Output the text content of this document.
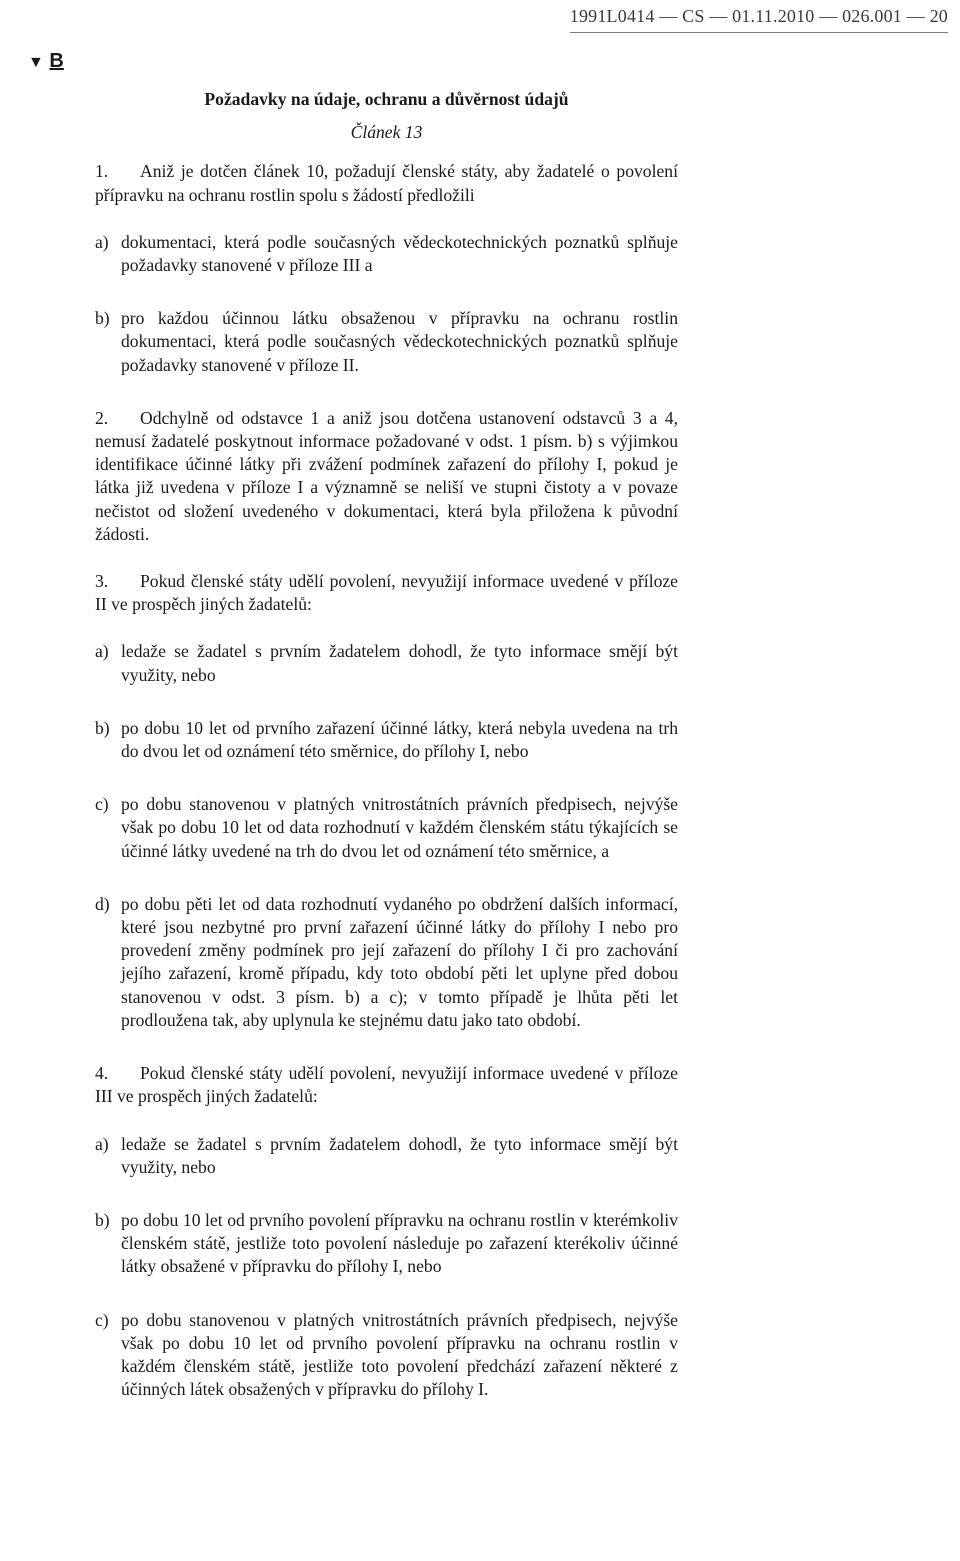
1991L0414 — CS — 01.11.2010 — 026.001 — 20
▼ B
Požadavky na údaje, ochranu a důvěrnost údajů
Článek 13
1. Aniž je dotčen článek 10, požadují členské státy, aby žadatelé o povolení přípravku na ochranu rostlin spolu s žádostí předložili
a) dokumentaci, která podle současných vědeckotechnických poznatků splňuje požadavky stanovené v příloze III a
b) pro každou účinnou látku obsaženou v přípravku na ochranu rostlin dokumentaci, která podle současných vědeckotechnických poznatků splňuje požadavky stanovené v příloze II.
2. Odchylně od odstavce 1 a aniž jsou dotčena ustanovení odstavců 3 a 4, nemusí žadatelé poskytnout informace požadované v odst. 1 písm. b) s výjimkou identifikace účinné látky při zvážení podmínek zařazení do přílohy I, pokud je látka již uvedena v příloze I a významně se neliší ve stupni čistoty a v povaze nečistot od složení uvedeného v dokumentaci, která byla přiložena k původní žádosti.
3. Pokud členské státy udělí povolení, nevyužijí informace uvedené v příloze II ve prospěch jiných žadatelů:
a) ledaže se žadatel s prvním žadatelem dohodl, že tyto informace smějí být využity, nebo
b) po dobu 10 let od prvního zařazení účinné látky, která nebyla uvedena na trh do dvou let od oznámení této směrnice, do přílohy I, nebo
c) po dobu stanovenou v platných vnitrostátních právních předpisech, nejvýše však po dobu 10 let od data rozhodnutí v každém členském státu týkajících se účinné látky uvedené na trh do dvou let od oznámení této směrnice, a
d) po dobu pěti let od data rozhodnutí vydaného po obdržení dalších informací, které jsou nezbytné pro první zařazení účinné látky do přílohy I nebo pro provedení změny podmínek pro její zařazení do přílohy I či pro zachování jejího zařazení, kromě případu, kdy toto období pěti let uplyne před dobou stanovenou v odst. 3 písm. b) a c); v tomto případě je lhůta pěti let prodloužena tak, aby uplynula ke stejnému datu jako tato období.
4. Pokud členské státy udělí povolení, nevyužijí informace uvedené v příloze III ve prospěch jiných žadatelů:
a) ledaže se žadatel s prvním žadatelem dohodl, že tyto informace smějí být využity, nebo
b) po dobu 10 let od prvního povolení přípravku na ochranu rostlin v kterémkoliv členském státě, jestliže toto povolení následuje po zařazení kterékoliv účinné látky obsažené v přípravku do přílohy I, nebo
c) po dobu stanovenou v platných vnitrostátních právních předpisech, nejvýše však po dobu 10 let od prvního povolení přípravku na ochranu rostlin v každém členském státě, jestliže toto povolení předchází zařazení některé z účinných látek obsažených v přípravku do přílohy I.
